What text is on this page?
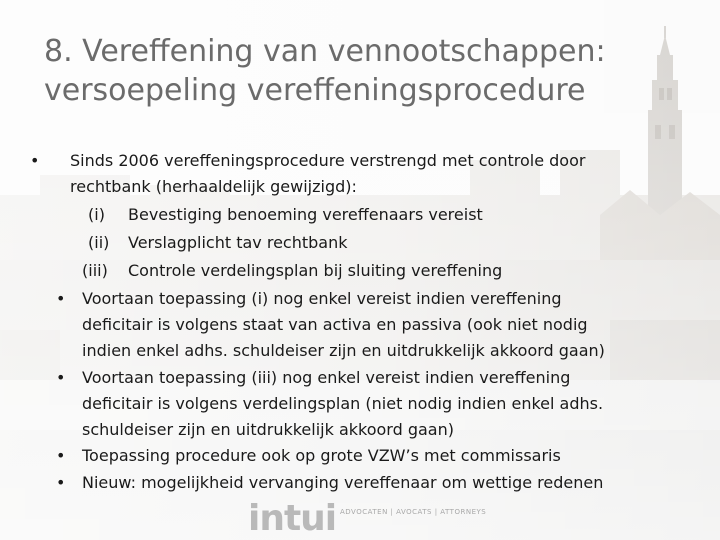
8. Vereffening van vennootschappen:
versoepeling vereffeningsprocedure
• Sinds 2006 vereffeningsprocedure verstrengd met controle door
rechtbank (herhaaldelijk gewijzigd):
(i) Bevestiging benoeming vereffenaars vereist
(ii) Verslagplicht tav rechtbank
(iii) Controle verdelingsplan bij sluiting vereffening
• Voortaan toepassing (i) nog enkel vereist indien vereffening
deficitair is volgens staat van activa en passiva (ook niet nodig
indien enkel adhs. schuldeiser zijn en uitdrukkelijk akkoord gaan)
• Voortaan toepassing (iii) nog enkel vereist indien vereffening
deficitair is volgens verdelingsplan (niet nodig indien enkel adhs.
schuldeiser zijn en uitdrukkelijk akkoord gaan)
• Toepassing procedure ook op grote VZW’s met commissaris
• Nieuw: mogelijkheid vervanging vereffenaar om wettige redenen
intui ADVOCATEN | AVOCATS | ATTORNEYS
